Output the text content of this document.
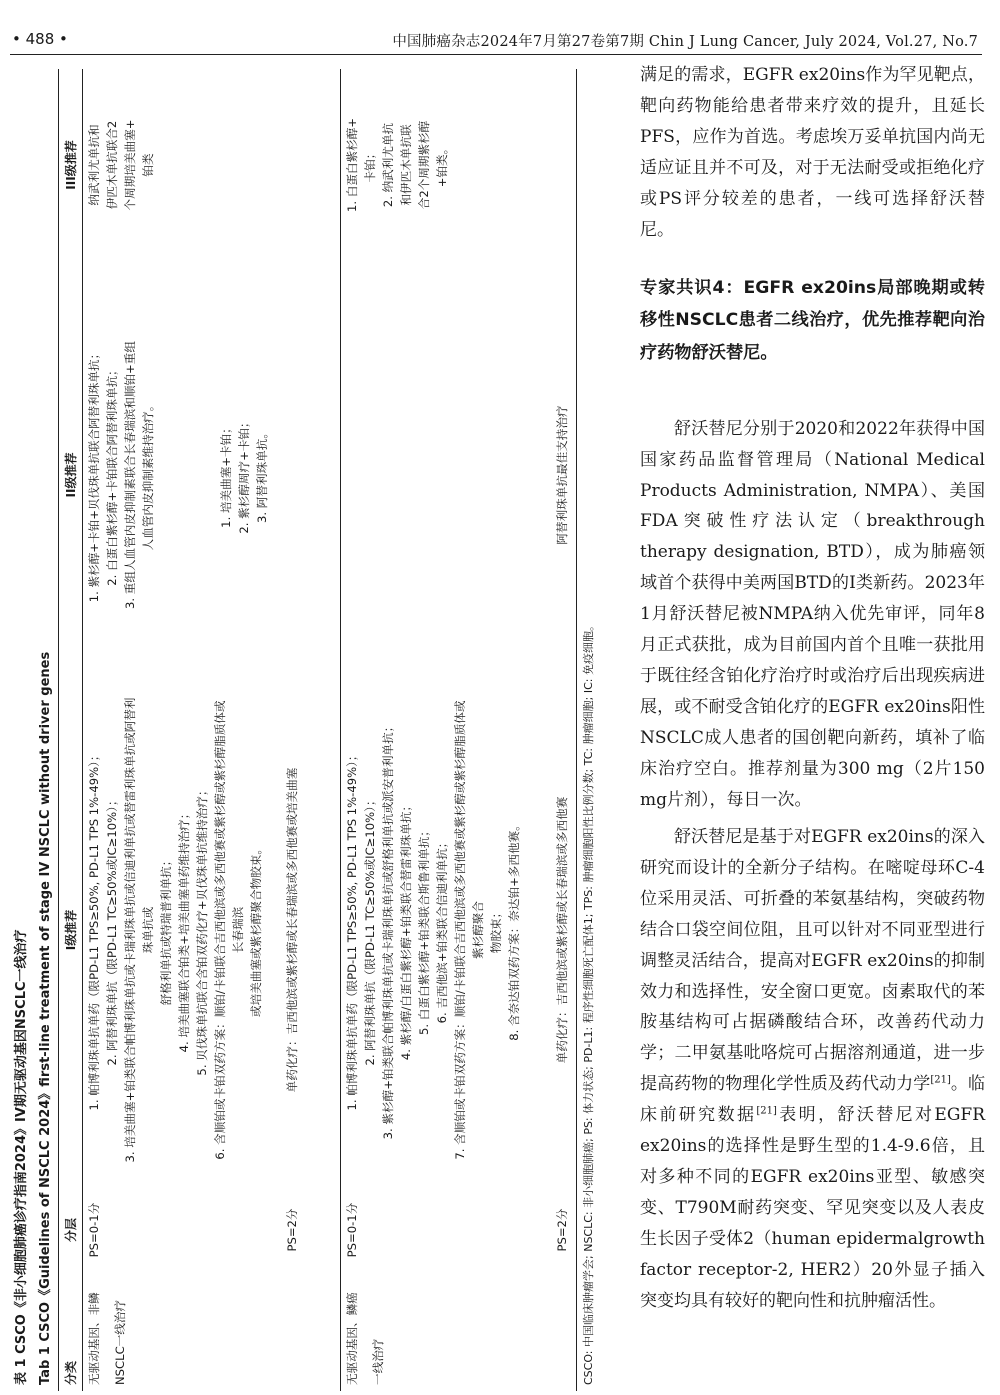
• 488 •	中国肺癌杂志2024年7月第27卷第7期 Chin J Lung Cancer, July 2024, Vol.27, No.7
表 1 CSCO《非小细胞肺癌诊疗指南2024》IV期无驱动基因NSCLC一线治疗 Tab 1 CSCO《Guidelines of NSCLC 2024》first-line treatment of stage IV NSCLC without driver genes 分类
分层
I级推荐
II级推荐
III级推荐
无驱动基因、非鳞 NSCLC一线治疗
PS=0-1分

1. 帕博利珠单抗单药（限PD-L1 TPS≥50%, PD-L1 TPS 1%-49%）； 2. 阿替利珠单抗（限PD-L1 TC≥50%或IC≥10%）； 3. 培美曲塞+铂类联合帕博利珠单抗或卡瑞利珠单抗或信迪利单抗或替雷利珠单抗或阿替利珠单抗或 舒格利单抗或特瑞普利单抗； 4. 培美曲塞联合铂类+培美曲塞单药维持治疗； 5. 贝伐珠单抗联合含铂双药化疗+贝伐珠单抗维持治疗； 6. 含顺铂或卡铂双药方案：顺铂/卡铂联合吉西他滨或多西他赛或紫杉醇或紫杉醇脂质体或长春瑞滨 或培美曲塞或紫杉醇聚合物胶束。

1. 紫杉醇+卡铂+贝伐珠单抗联合阿替利珠单抗； 2. 白蛋白紫杉醇+卡铂联合阿替利珠单抗； 3. 重组人血管内皮抑制素联合长春瑞滨和顺铂+重组 人血管内皮抑制素维持治疗。

纳武利尤单抗和 伊匹木单抗联合2 个周期培美曲塞+ 铂类

PS=2分
单药化疗：吉西他滨或紫杉醇或长春瑞滨或多西他赛或培美曲塞

1. 培美曲塞+卡铂； 2. 紫杉醇周疗+卡铂； 3. 阿替利珠单抗。

无驱动基因、鳞癌 一线治疗
PS=0-1分

1. 帕博利珠单抗单药（限PD-L1 TPS≥50%, PD-L1 TPS 1%-49%）； 2. 阿替利珠单抗（限PD-L1 TC≥50%或IC≥10%）； 3. 紫杉醇+铂类联合帕博利珠单抗或卡瑞利珠单抗或舒格利单抗或派安普利单抗； 4. 紫杉醇/白蛋白紫杉醇+铂类联合替雷利珠单抗； 5. 白蛋白紫杉醇+铂类联合斯鲁利单抗； 6. 吉西他滨+铂类联合信迪利单抗； 7. 含顺铂或卡铂双药方案：顺铂/卡铂联合吉西他滨或多西他赛或紫杉醇或紫杉醇脂质体或紫杉醇聚合 物胶束； 8. 含奈达铂双药方案：奈达铂+多西他赛。

1. 白蛋白紫杉醇+ 卡铂； 2. 纳武利尤单抗 和伊匹木单抗联 合2个周期紫杉醇 +铂类。

PS=2分
单药化疗：吉西他滨或紫杉醇或长春瑞滨或多西他赛
阿替利珠单抗最佳支持治疗
CSCO: 中国临床肿瘤学会; NSCLC: 非小细胞肺癌; PS: 体力状态; PD-L1: 程序性细胞死亡配体1; TPS: 肿瘤细胞阳性比例分数; TC: 肿瘤细胞; IC: 免疫细胞。

满足的需求，EGFR ex20ins作为罕见靶点，靶向药物能给患者带来疗效的提升，且延长PFS，应作为首选。考虑埃万妥单抗国内尚无适应证且并不可及，对于无法耐受或拒绝化疗或PS评分较差的患者，一线可选择舒沃替尼。

专家共识4：EGFR ex20ins局部晚期或转移性NSCLC患者二线治疗，优先推荐靶向治疗药物舒沃替尼。

舒沃替尼分别于2020和2022年获得中国国家药品监督管理局（National Medical Products Administration, NMPA）、美国FDA突破性疗法认定（breakthrough therapy designation, BTD），成为肺癌领域首个获得中美两国BTD的I类新药。2023年1月舒沃替尼被NMPA纳入优先审评，同年8月正式获批，成为目前国内首个且唯一获批用于既往经含铂化疗治疗时或治疗后出现疾病进展，或不耐受含铂化疗的EGFR ex20ins阳性NSCLC成人患者的国创靶向新药，填补了临床治疗空白。推荐剂量为300 mg（2片150 mg片剂），每日一次。

舒沃替尼是基于对EGFR ex20ins的深入研究而设计的全新分子结构。在嘧啶母环C-4位采用灵活、可折叠的苯氨基结构，突破药物结合口袋空间位阻，且可以针对不同亚型进行调整灵活结合，提高对EGFR ex20ins的抑制效力和选择性，安全窗口更宽。卤素取代的苯胺基结构可占据磷酸结合环，改善药代动力学；二甲氨基吡咯烷可占据溶剂通道，进一步提高药物的物理化学性质及药代动力学[21]。临床前研究数据[21]表明，舒沃替尼对EGFR ex20ins的选择性是野生型的1.4-9.6倍，且对多种不同的EGFR ex20ins亚型、敏感突变、T790M耐药突变、罕见突变以及人表皮生长因子受体2（human epidermalgrowth factor receptor-2, HER2）20外显子插入突变均具有较好的靶向性和抗肿瘤活性。
